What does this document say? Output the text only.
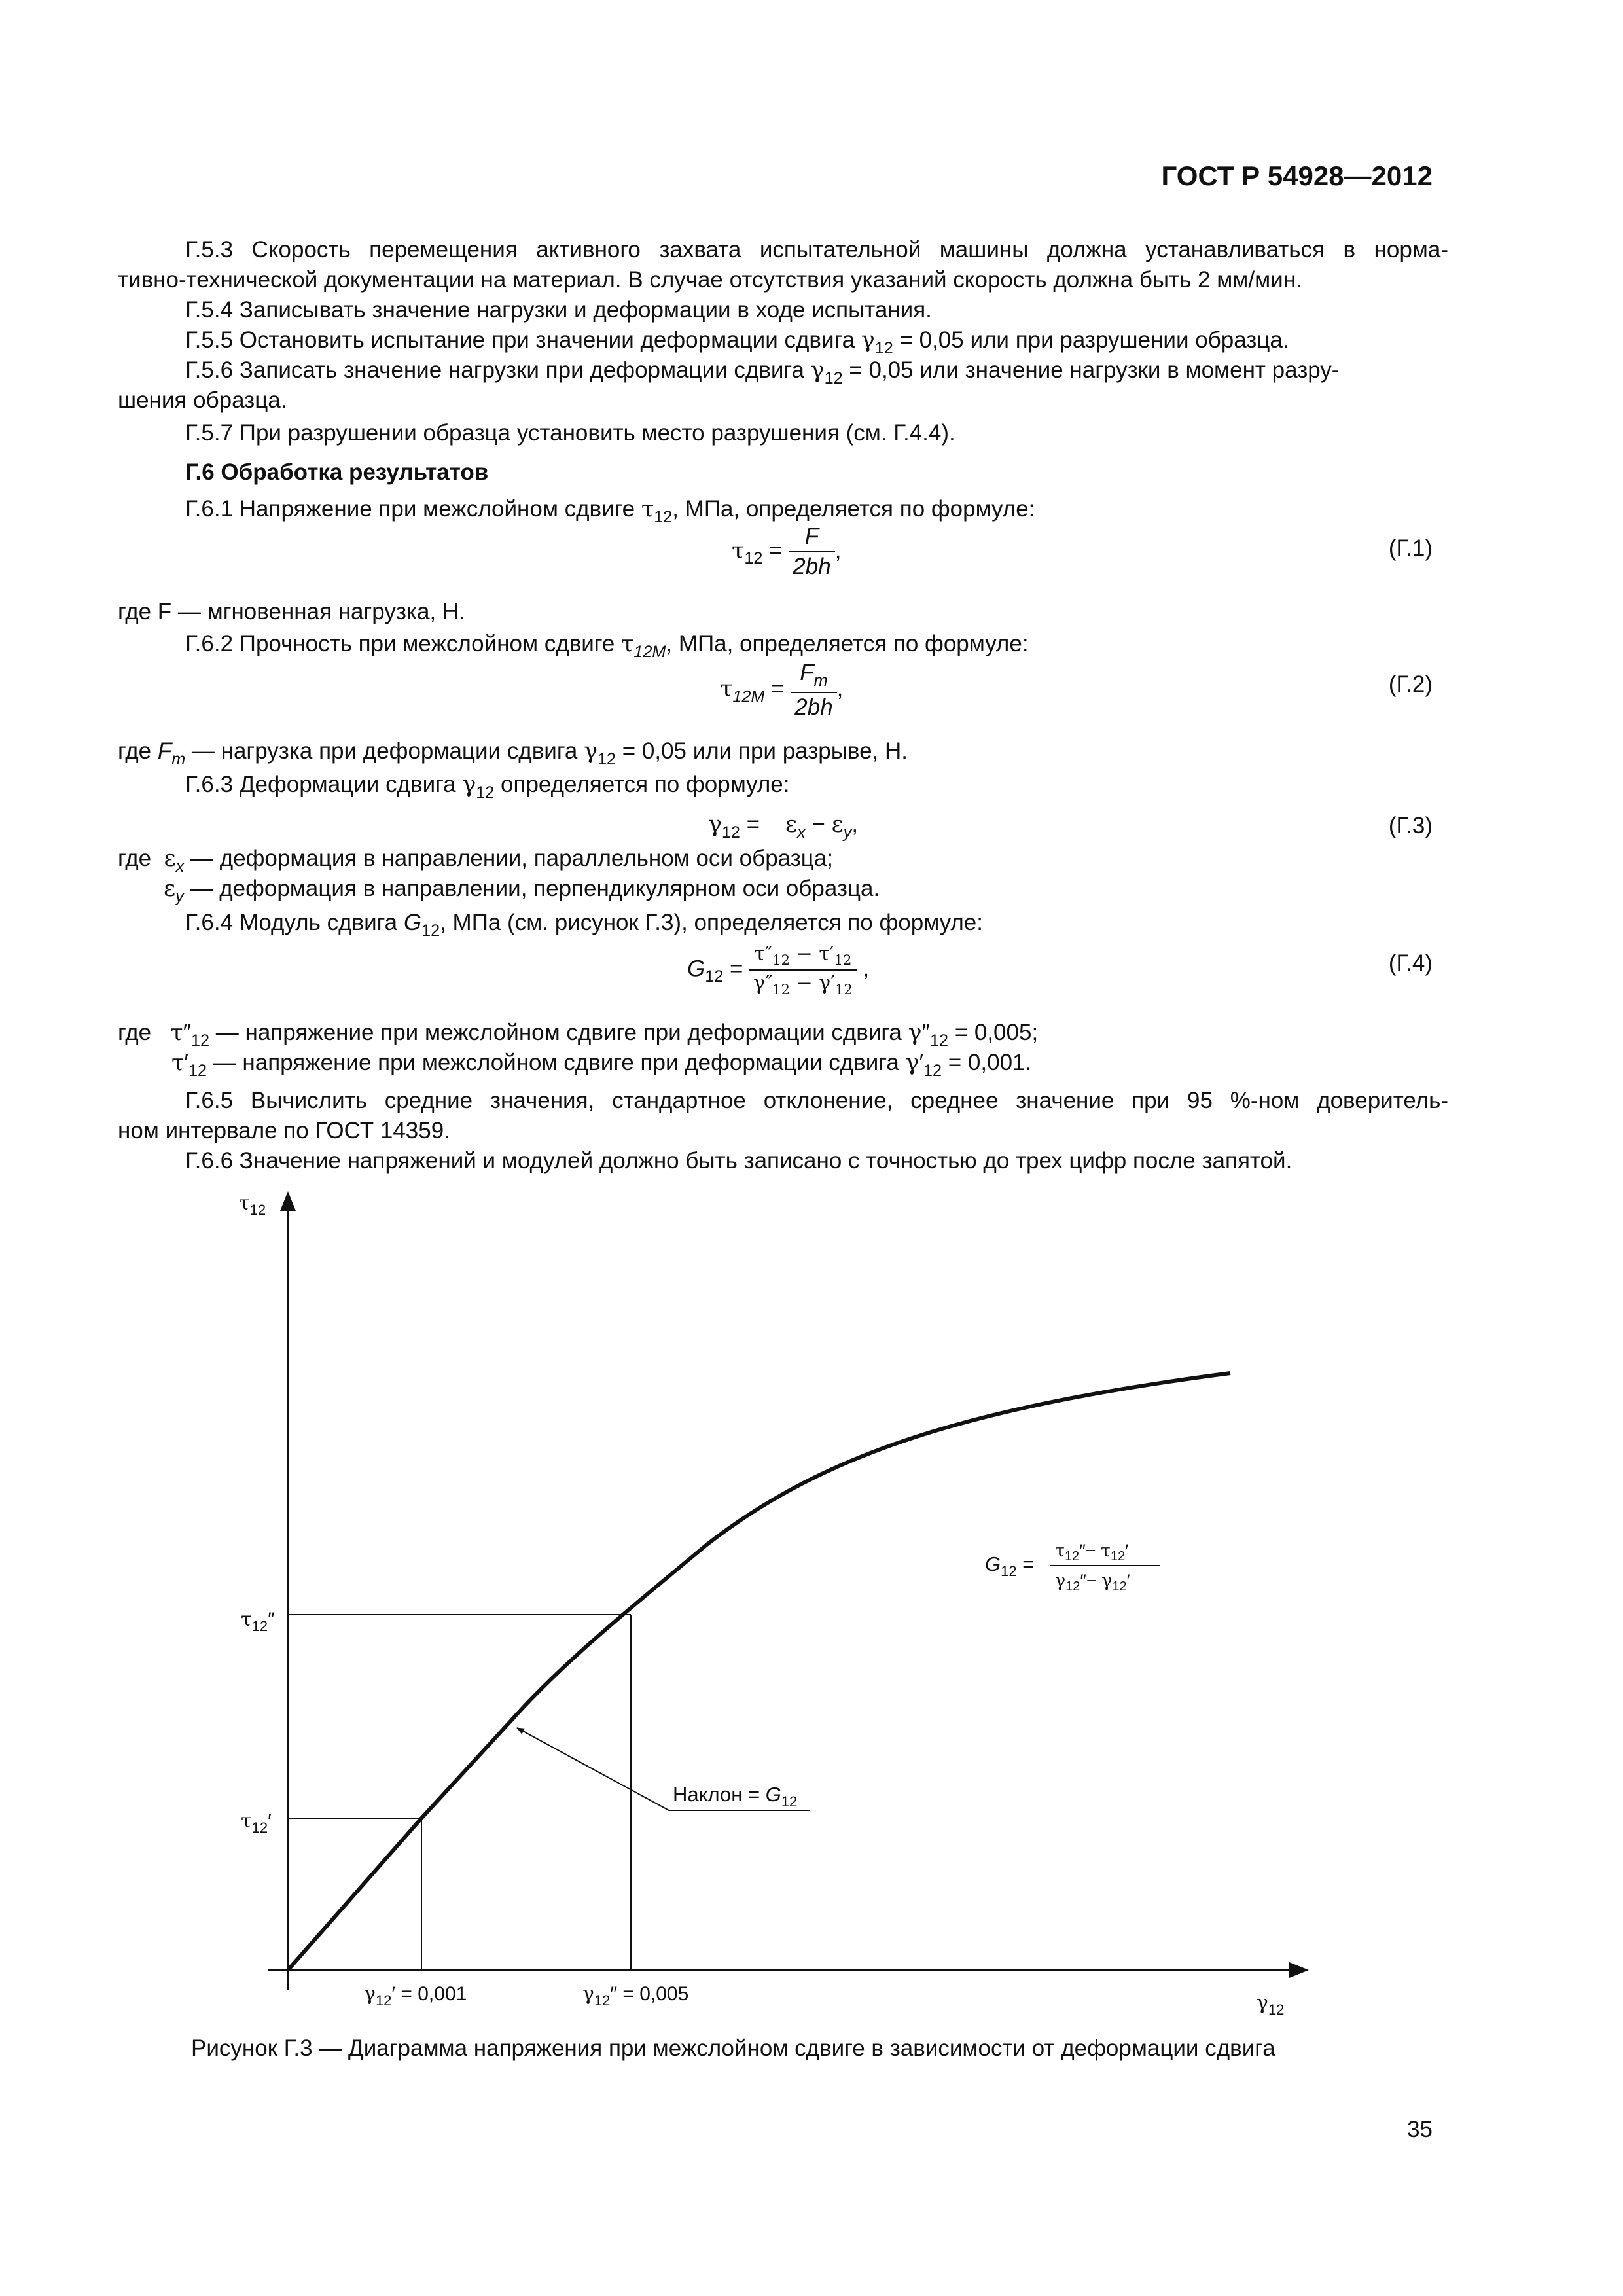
ГОСТ Р 54928—2012
Г.5.3 Скорость перемещения активного захвата испытательной машины должна устанавливаться в норма-
тивно-технической документации на материал. В случае отсутствия указаний скорость должна быть 2 мм/мин.
Г.5.4 Записывать значение нагрузки и деформации в ходе испытания.
Г.5.5 Остановить испытание при значении деформации сдвига $\gamma_{12} = 0,05$ или при разрушении образца.
Г.5.6 Записать значение нагрузки при деформации сдвига $\gamma_{12} = 0,05$ или значение нагрузки в момент разру-
шения образца.
Г.5.7 При разрушении образца установить место разрушения (см. Г.4.4).
Г.6 Обработка результатов
Г.6.1 Напряжение при межслойном сдвиге $\tau_{12}$, МПа, определяется по формуле:
$\tau_{12} = \frac{F}{2bh}$ ,	(Г.1)
где F — мгновенная нагрузка, Н.
Г.6.2 Прочность при межслойном сдвиге $\tau_{12M}$, МПа, определяется по формуле:
$\tau_{12M} = \frac{F_m}{2bh}$ ,	(Г.2)
где $F_m$ — нагрузка при деформации сдвига $\gamma_{12} = 0,05$ или при разрыве, Н.
Г.6.3 Деформации сдвига $\gamma_{12}$ определяется по формуле:
$\gamma_{12}$ =    $\varepsilon_x - \varepsilon_y$,	(Г.3)
где $\varepsilon_x$ — деформация в направлении, параллельном оси образца;
$\varepsilon_y$ — деформация в направлении, перпендикулярном оси образца.
Г.6.4 Модуль сдвига $G_{12}$, МПа (см. рисунок Г.3), определяется по формуле:
$G_{12} = \frac{\tau''_{12} - \tau'_{12}}{\gamma''_{12} - \gamma'_{12}}$ ,	(Г.4)
где $\tau''_{12}$ — напряжение при межслойном сдвиге при деформации сдвига $\gamma''_{12} = 0,005$;
$\tau'_{12}$ — напряжение при межслойном сдвиге при деформации сдвига $\gamma'_{12} = 0,001$.
Г.6.5 Вычислить средние значения, стандартное отклонение, среднее значение при 95 %-ном доверитель-
ном интервале по ГОСТ 14359.
Г.6.6 Значение напряжений и модулей должно быть записано с точностью до трех цифр после запятой.
$\tau_{12}$
$\gamma_{12}$
$\tau_{12}''$
$\tau_{12}'$
$\gamma_{12}' = 0,001$	$\gamma_{12}'' = 0,005$
Наклон = $G_{12}$
$G_{12}$ =
$\tau_{12}''- \tau_{12}'$
$\gamma_{12}''- \gamma_{12}'$
Рисунок Г.3 — Диаграмма напряжения при межслойном сдвиге в зависимости от деформации сдвига
35
